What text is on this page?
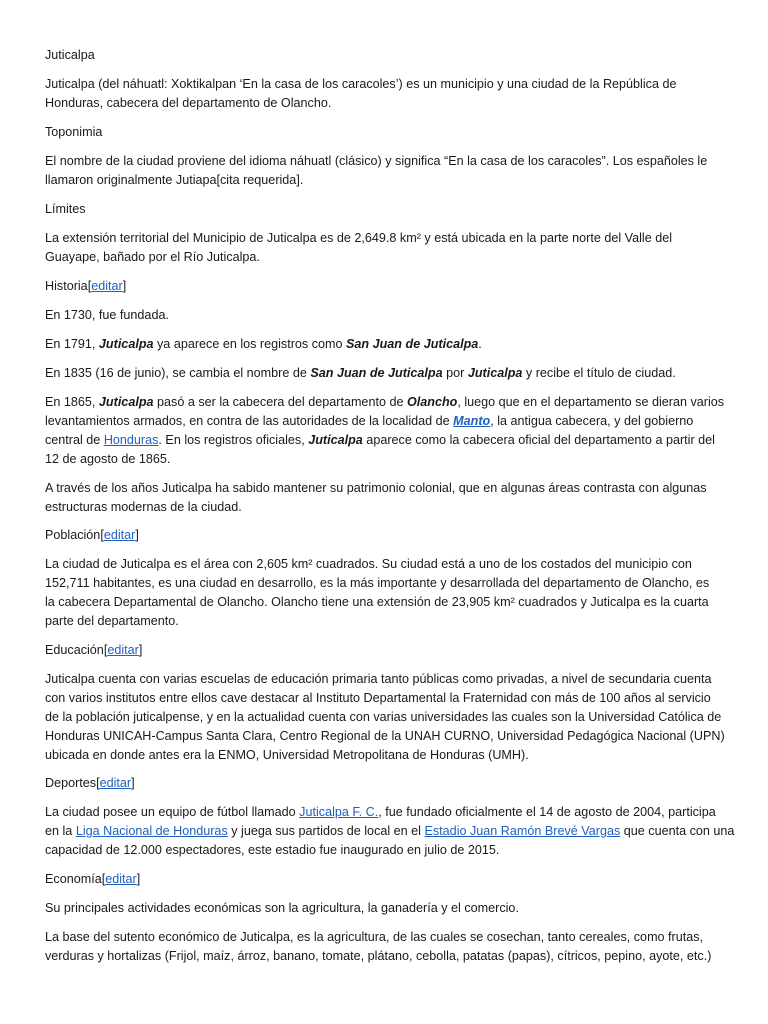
Juticalpa

Juticalpa (del náhuatl: Xoktikalpan ‘En la casa de los caracoles’) es un municipio y una ciudad de la República de

Honduras, cabecera del departamento de Olancho.

Toponimia

El nombre de la ciudad proviene del idioma náhuatl (clásico) y significa “En la casa de los caracoles”. Los españoles le

llamaron originalmente Jutiapa[cita requerida].

Límites

La extensión territorial del Municipio de Juticalpa es de 2,649.8 km² y está ubicada en la parte norte del Valle del

Guayape, bañado por el Río Juticalpa.

Historia[editar]

En 1730, fue fundada.

En 1791, Juticalpa ya aparece en los registros como San Juan de Juticalpa.

En 1835 (16 de junio), se cambia el nombre de San Juan de Juticalpa por Juticalpa y recibe el título de ciudad.

En 1865, Juticalpa pasó a ser la cabecera del departamento de Olancho, luego que en el departamento se dieran varios

levantamientos armados, en contra de las autoridades de la localidad de Manto, la antigua cabecera, y del gobierno

central de Honduras. En los registros oficiales, Juticalpa aparece como la cabecera oficial del departamento a partir del

12 de agosto de 1865.

A través de los años Juticalpa ha sabido mantener su patrimonio colonial, que en algunas áreas contrasta con algunas

estructuras modernas de la ciudad.

Población[editar]

La ciudad de Juticalpa es el área con 2,605 km² cuadrados. Su ciudad está a uno de los costados del municipio con

152,711 habitantes, es una ciudad en desarrollo, es la más importante y desarrollada del departamento de Olancho, es

la cabecera Departamental de Olancho. Olancho tiene una extensión de 23,905 km² cuadrados y Juticalpa es la cuarta

parte del departamento.

Educación[editar]

Juticalpa cuenta con varias escuelas de educación primaria tanto públicas como privadas, a nivel de secundaria cuenta

con varios institutos entre ellos cave destacar al Instituto Departamental la Fraternidad con más de 100 años al servicio

de la población juticalpense, y en la actualidad cuenta con varias universidades las cuales son la Universidad Católica de

Honduras UNICAH-Campus Santa Clara, Centro Regional de la UNAH CURNO, Universidad Pedagógica Nacional (UPN)

ubicada en donde antes era la ENMO, Universidad Metropolitana de Honduras (UMH).

Deportes[editar]

La ciudad posee un equipo de fútbol llamado Juticalpa F. C., fue fundado oficialmente el 14 de agosto de 2004, participa

en la Liga Nacional de Honduras y juega sus partidos de local en el Estadio Juan Ramón Brevé Vargas que cuenta con una

capacidad de 12.000 espectadores, este estadio fue inaugurado en julio de 2015.

Economía[editar]

Su principales actividades económicas son la agricultura, la ganadería y el comercio.

La base del sutento económico de Juticalpa, es la agricultura, de las cuales se cosechan, tanto cereales, como frutas,

verduras y hortalizas (Frijol, maíz, árroz, banano, tomate, plátano, cebolla, patatas (papas), cítricos, pepino, ayote, etc.)
